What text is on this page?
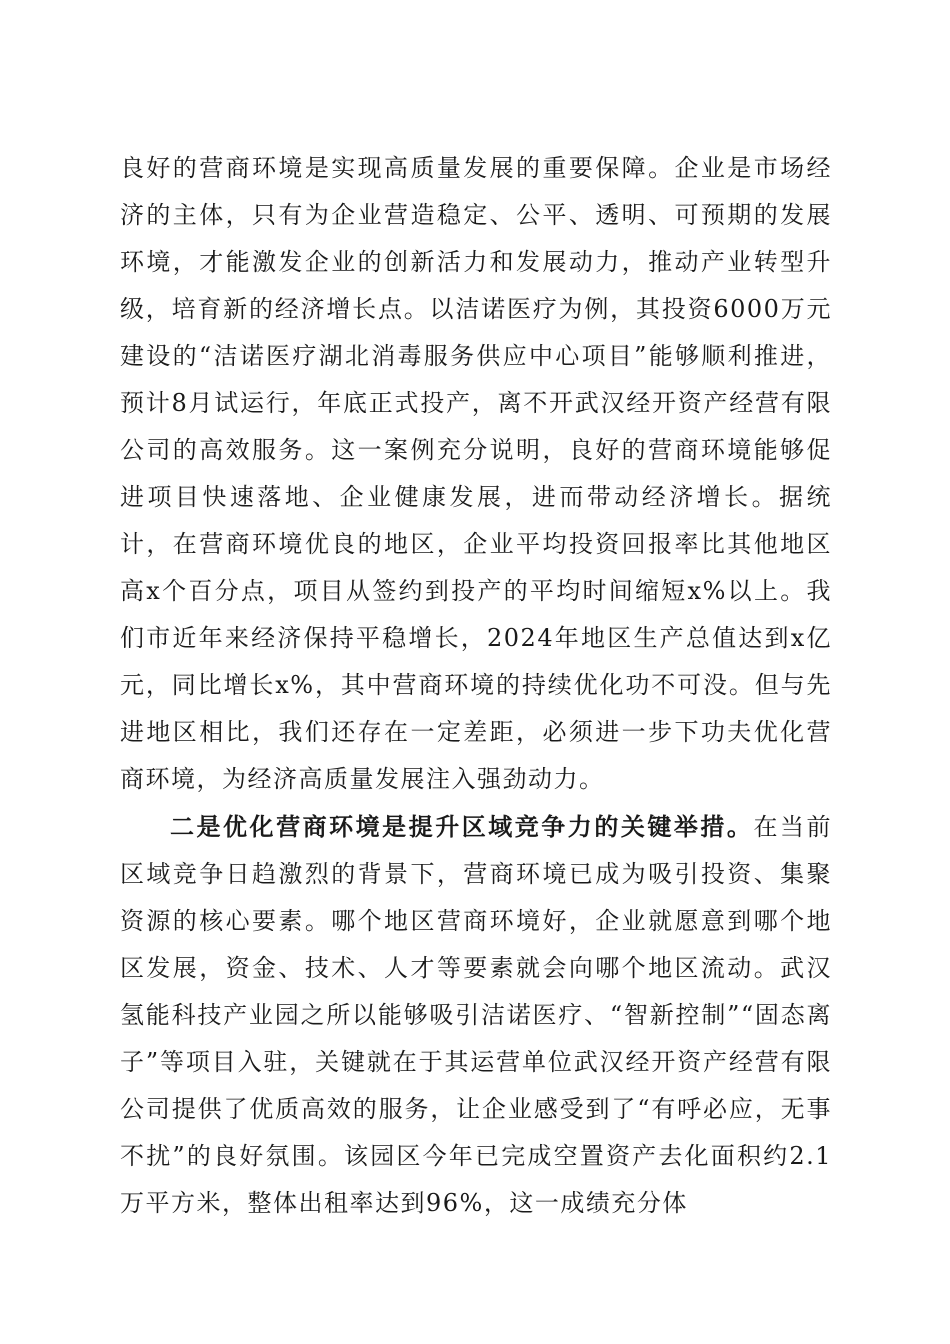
良好的营商环境是实现高质量发展的重要保障。企业是市场经济的主体，只有为企业营造稳定、公平、透明、可预期的发展环境，才能激发企业的创新活力和发展动力，推动产业转型升级，培育新的经济增长点。以洁诺医疗为例，其投资6000万元建设的“洁诺医疗湖北消毒服务供应中心项目”能够顺利推进，预计8月试运行，年底正式投产，离不开武汉经开资产经营有限公司的高效服务。这一案例充分说明，良好的营商环境能够促进项目快速落地、企业健康发展，进而带动经济增长。据统计，在营商环境优良的地区，企业平均投资回报率比其他地区高x个百分点，项目从签约到投产的平均时间缩短x%以上。我们市近年来经济保持平稳增长，2024年地区生产总值达到x亿元，同比增长x%，其中营商环境的持续优化功不可没。但与先进地区相比，我们还存在一定差距，必须进一步下功夫优化营商环境，为经济高质量发展注入强劲动力。

二是优化营商环境是提升区域竞争力的关键举措。在当前区域竞争日趋激烈的背景下，营商环境已成为吸引投资、集聚资源的核心要素。哪个地区营商环境好，企业就愿意到哪个地区发展，资金、技术、人才等要素就会向哪个地区流动。武汉氢能科技产业园之所以能够吸引洁诺医疗、“智新控制”“固态离子”等项目入驻，关键就在于其运营单位武汉经开资产经营有限公司提供了优质高效的服务，让企业感受到了“有呼必应，无事不扰”的良好氛围。该园区今年已完成空置资产去化面积约2.1万平方米，整体出租率达到96%，这一成绩充分体
